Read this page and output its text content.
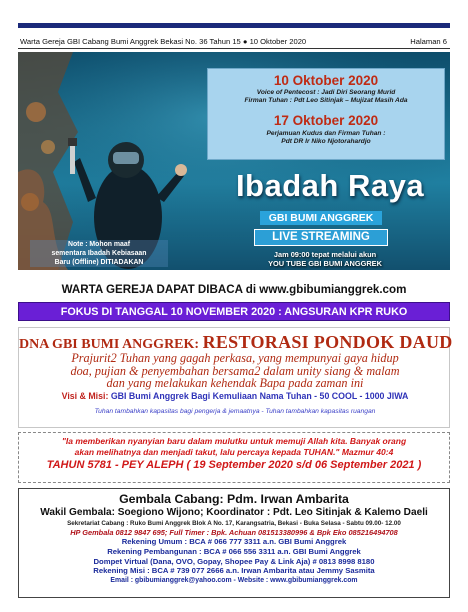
Warta Gereja GBI Cabang Bumi Anggrek Bekasi No. 36 Tahun 15 ● 10 Oktober 2020	Halaman 6
10 Oktober 2020
Voice of Pentecost : Jadi Diri Seorang Murid
Firman Tuhan : Pdt Leo Sitinjak – Mujizat Masih Ada
17 Oktober 2020
Perjamuan Kudus dan Firman Tuhan :
Pdt DR Ir Niko Njotorahardjo
Ibadah Raya
GBI BUMI ANGGREK
LIVE STREAMING
Jam 09:00 tepat melalui akun
YOU TUBE GBI BUMI ANGGREK
Note : Mohon maaf
sementara Ibadah Kebiasaan
Baru (Offline) DITIADAKAN
WARTA GEREJA DAPAT DIBACA di www.gbibumianggrek.com
FOKUS DI TANGGAL 10 NOVEMBER 2020 : ANGSURAN KPR RUKO
DNA GBI BUMI ANGGREK: RESTORASI PONDOK DAUD
Prajurit2 Tuhan yang gagah perkasa, yang mempunyai gaya hidup
doa, pujian & penyembahan bersama2 dalam unity siang & malam
dan yang melakukan kehendak Bapa pada zaman ini
Visi & Misi: GBI Bumi Anggrek Bagi Kemuliaan Nama Tuhan - 50 COOL - 1000 JIWA
Tuhan tambahkan kapasitas bagi pengerja & jemaatnya - Tuhan tambahkan kapasitas ruangan
"Ia memberikan nyanyian baru dalam mulutku untuk memuji Allah kita. Banyak orang
akan melihatnya dan menjadi takut, lalu percaya kepada TUHAN." Mazmur 40:4
TAHUN 5781 - PEY ALEPH ( 19 September 2020 s/d 06 September 2021 )
Gembala Cabang: Pdm. Irwan Ambarita
Wakil Gembala: Soegiono Wijono; Koordinator : Pdt. Leo Sitinjak & Kalemo Daeli
Sekretariat Cabang : Ruko Bumi Anggrek Blok A No. 17, Karangsatria, Bekasi - Buka Selasa - Sabtu 09.00- 12.00
HP Gembala 0812 9847 695; Full Timer : Bpk. Achuan 081513380996 & Bpk Eko 085216494708
Rekening Umum : BCA # 066 777 3311 a.n. GBI Bumi Anggrek
Rekening Pembangunan : BCA # 066 556 3311 a.n. GBI Bumi Anggrek
Dompet Virtual (Dana, OVO, Gopay, Shopee Pay & Link Aja) # 0813 8998 8180
Rekening Misi : BCA # 739 077 2666 a.n. Irwan Ambarita atau Jemmy Sasmita
Email : gbibumianggrek@yahoo.com - Website : www.gbibumianggrek.com
